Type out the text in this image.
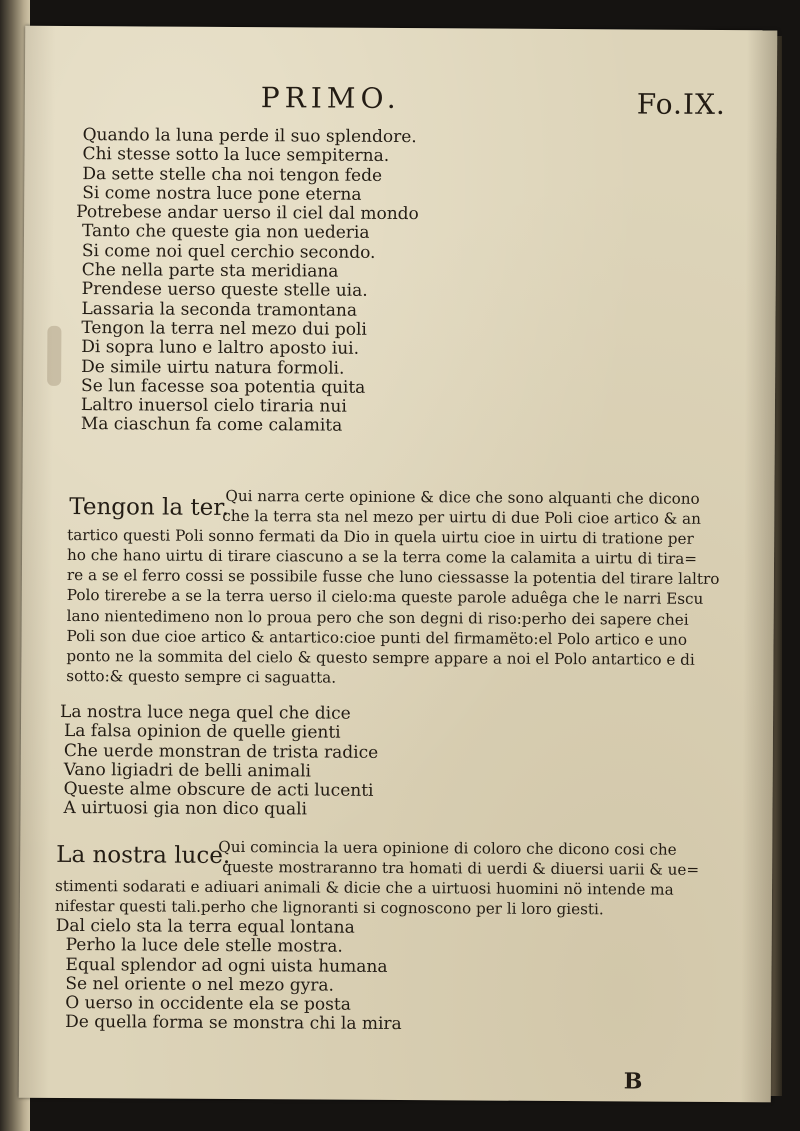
PRIMO.	Fo.IX.

Quando la luna perde il suo splendore.
Chi stesse sotto la luce sempiterna.
Da sette stelle cha noi tengon fede
Si come nostra luce pone eterna
Potrebese andar uerso il ciel dal mondo
Tanto che queste gia non uederia
Si come noi quel cerchio secondo.
Che nella parte sta meridiana
Prendese uerso queste stelle uia.
Lassaria la seconda tramontana
Tengon la terra nel mezo dui poli
Di sopra luno e laltro aposto iui.
De simile uirtu natura formoli.
Se lun facesse soa potentia quita
Laltro inuersol cielo tiraria nui
Ma ciaschun fa come calamita

Tengon la ter.

Qui narra certe opinione & dice che sono alquanti che dicono
che la terra sta nel mezo per uirtu di due Poli cioe artico & an
tartico questi Poli sonno fermati da Dio in quela uirtu cioe in uirtu di tratione per
ho che hano uirtu di tirare ciascuno a se la terra come la calamita a uirtu di tira=
re a se el ferro cossi se possibile fusse che luno ciessasse la potentia del tirare laltro
Polo tirerebe a se la terra uerso il cielo:ma queste parole aduêga che le narri Escu
lano nientedimeno non lo proua pero che son degni di riso:perho dei sapere chei
Poli son due cioe artico & antartico:cioe punti del firmamëto:el Polo artico e uno
ponto ne la sommita del cielo & questo sempre appare a noi el Polo antartico e di
sotto:& questo sempre ci saguatta.
La nostra luce nega quel che dice
La falsa opinion de quelle gienti
Che uerde monstran de trista radice
Vano ligiadri de belli animali
Queste alme obscure de acti lucenti
A uirtuosi gia non dico quali

La nostra luce.

Qui comincia la uera opinione di coloro che dicono cosi che
queste mostraranno tra homati di uerdi & diuersi uarii & ue=
stimenti sodarati e adiuari animali & dicie che a uirtuosi huomini nö intende ma
nifestar questi tali.perho che lignoranti si cognoscono per li loro giesti.
Dal cielo sta la terra equal lontana
Perho la luce dele stelle mostra.
Equal splendor ad ogni uista humana
Se nel oriente o nel mezo gyra.
O uerso in occidente ela se posta
De quella forma se monstra chi la mira

B
